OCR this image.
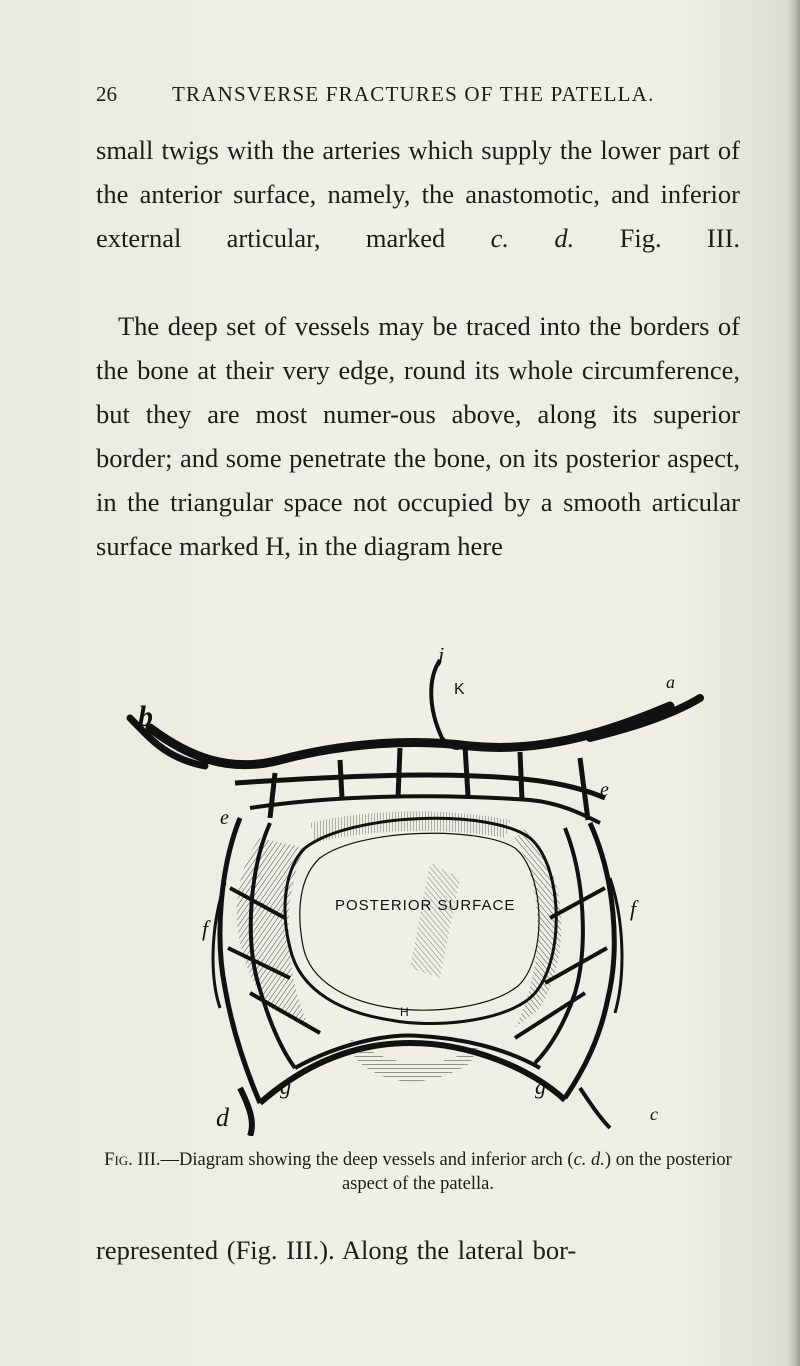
26	TRANSVERSE FRACTURES OF THE PATELLA.
small twigs with the arteries which supply the lower part of the anterior surface, namely, the anastomotic, and inferior external articular, marked c. d. Fig. III.
The deep set of vessels may be traced into the borders of the bone at their very edge, round its whole circumference, but they are most numer-ous above, along its superior border; and some penetrate the bone, on its posterior aspect, in the triangular space not occupied by a smooth articular surface marked H, in the diagram here
POSTERIOR SURFACE
j
K
b
a
e
e
f
f
H
g	g
d	c
Fig. III.—Diagram showing the deep vessels and inferior arch (c. d.) on the posterior aspect of the patella.
represented (Fig. III.). Along the lateral bor-
